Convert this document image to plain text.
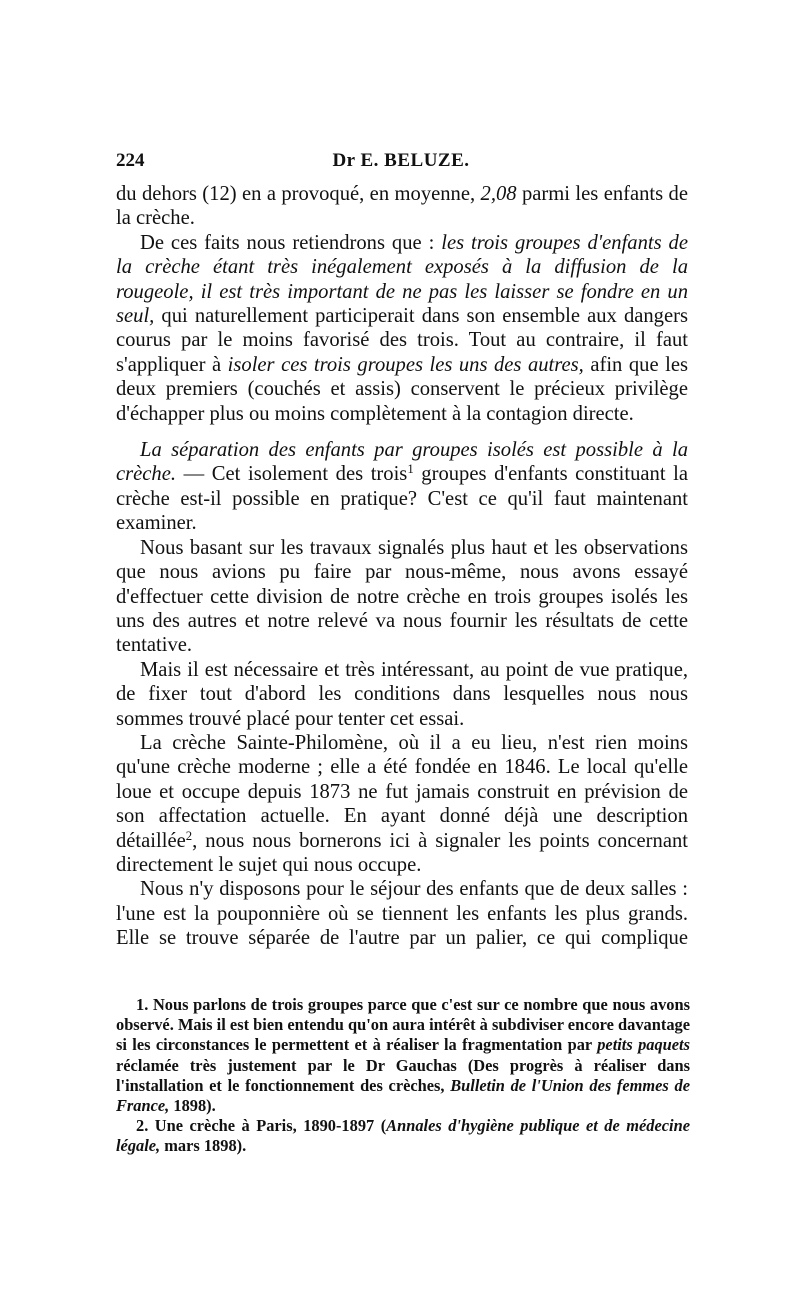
224	Dr E. BELUZE.

du dehors (12) en a provoqué, en moyenne, 2,08 parmi les enfants de la crèche.

De ces faits nous retiendrons que : les trois groupes d'enfants de la crèche étant très inégalement exposés à la diffusion de la rougeole, il est très important de ne pas les laisser se fondre en un seul, qui naturellement participerait dans son ensemble aux dangers courus par le moins favorisé des trois. Tout au contraire, il faut s'appliquer à isoler ces trois groupes les uns des autres, afin que les deux premiers (couchés et assis) conservent le précieux privilège d'échapper plus ou moins complètement à la contagion directe.

La séparation des enfants par groupes isolés est possible à la crèche. — Cet isolement des trois$^1$ groupes d'enfants constituant la crèche est-il possible en pratique? C'est ce qu'il faut maintenant examiner.

Nous basant sur les travaux signalés plus haut et les observations que nous avions pu faire par nous-même, nous avons essayé d'effectuer cette division de notre crèche en trois groupes isolés les uns des autres et notre relevé va nous fournir les résultats de cette tentative.

Mais il est nécessaire et très intéressant, au point de vue pratique, de fixer tout d'abord les conditions dans lesquelles nous nous sommes trouvé placé pour tenter cet essai.

La crèche Sainte-Philomène, où il a eu lieu, n'est rien moins qu'une crèche moderne ; elle a été fondée en 1846. Le local qu'elle loue et occupe depuis 1873 ne fut jamais construit en prévision de son affectation actuelle. En ayant donné déjà une description détaillée$^2$, nous nous bornerons ici à signaler les points concernant directement le sujet qui nous occupe.

Nous n'y disposons pour le séjour des enfants que de deux salles : l'une est la pouponnière où se tiennent les enfants les plus grands. Elle se trouve séparée de l'autre par un palier, ce qui complique

1. Nous parlons de trois groupes parce que c'est sur ce nombre que nous avons observé. Mais il est bien entendu qu'on aura intérêt à subdiviser encore davantage si les circonstances le permettent et à réaliser la fragmentation par petits paquets réclamée très justement par le Dr Gauchas (Des progrès à réaliser dans l'installation et le fonctionnement des crèches, Bulletin de l'Union des femmes de France, 1898).

2. Une crèche à Paris, 1890-1897 (Annales d'hygiène publique et de médecine légale, mars 1898).
